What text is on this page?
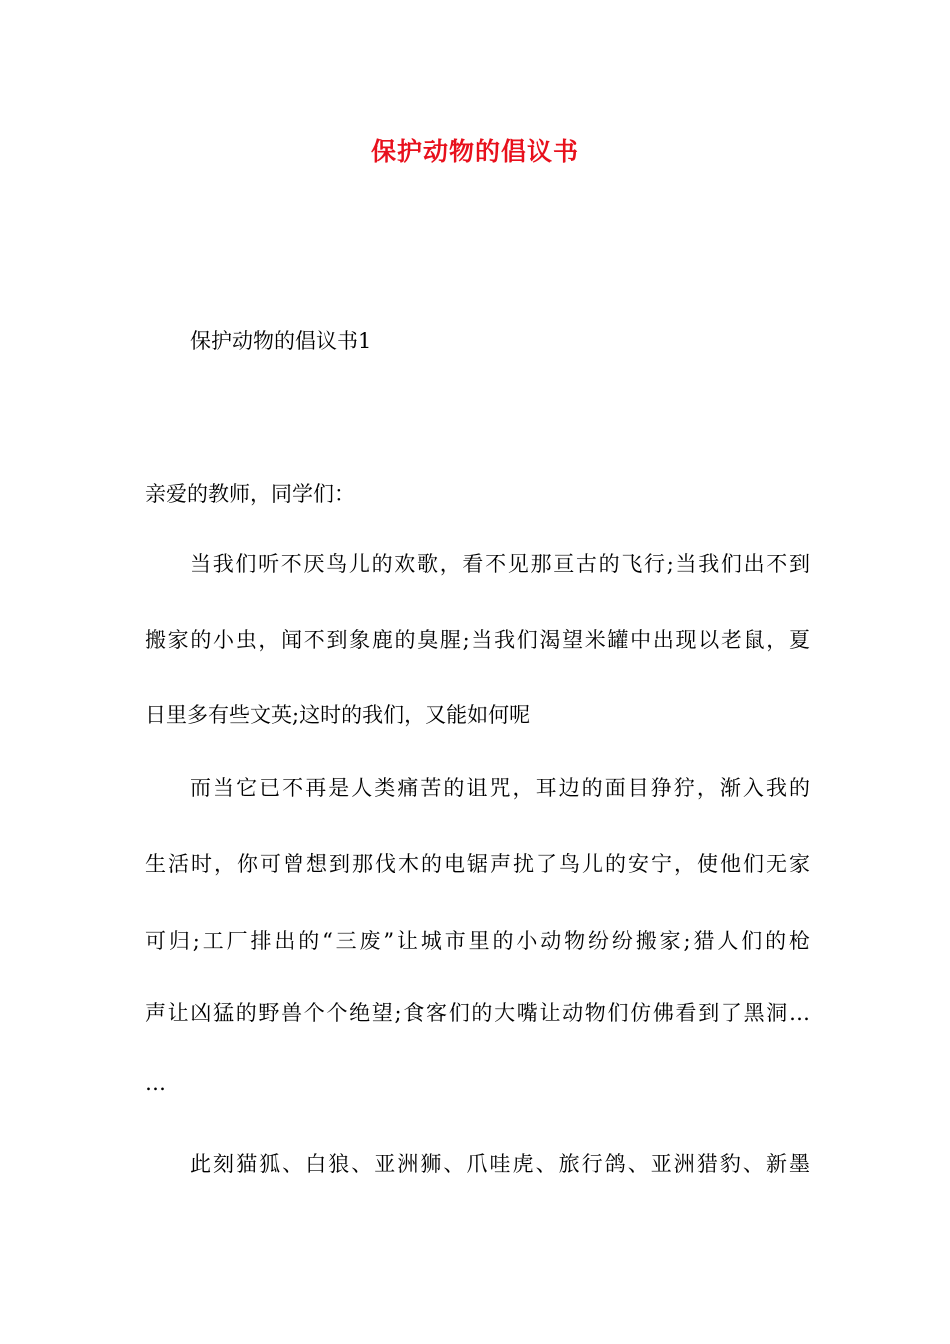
保护动物的倡议书
保护动物的倡议书1
亲爱的教师，同学们：
当我们听不厌鸟儿的欢歌，看不见那亘古的飞行;当我们出不到
搬家的小虫，闻不到象鹿的臭腥;当我们渴望米罐中出现以老鼠，夏
日里多有些文英;这时的我们，又能如何呢
而当它已不再是人类痛苦的诅咒，耳边的面目狰狞，渐入我的
生活时，你可曾想到那伐木的电锯声扰了鸟儿的安宁，使他们无家
可归;工厂排出的“三废”让城市里的小动物纷纷搬家;猎人们的枪
声让凶猛的野兽个个绝望;食客们的大嘴让动物们仿佛看到了黑洞…
…
此刻猫狐、白狼、亚洲狮、爪哇虎、旅行鸽、亚洲猎豹、新墨
